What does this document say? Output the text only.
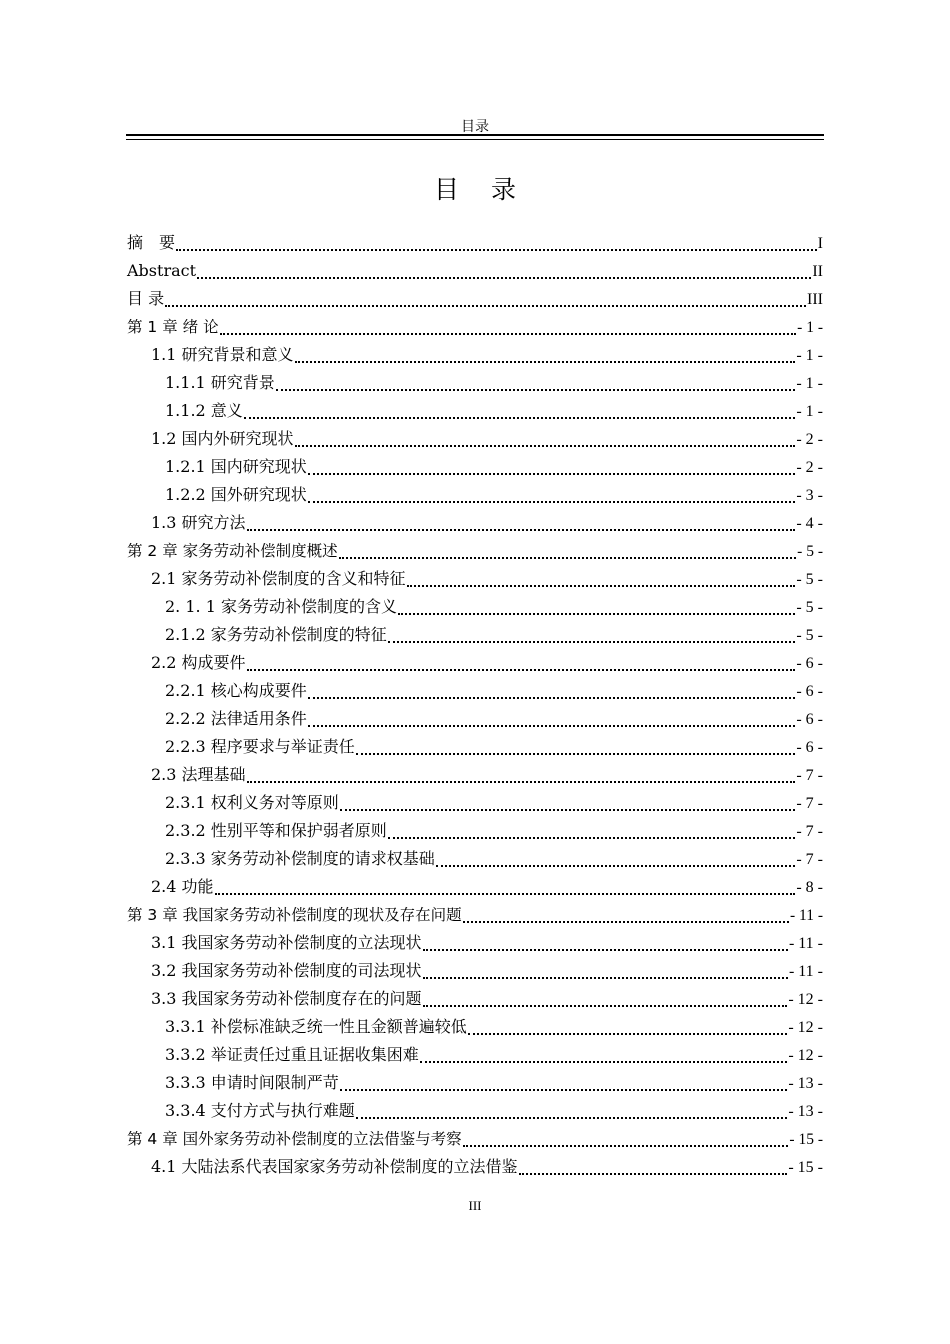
目录
目 录
摘　要	I
Abstract	II
目 录	III
第 1 章 绪 论	- 1 -
1.1 研究背景和意义	- 1 -
1.1.1 研究背景	- 1 -
1.1.2 意义	- 1 -
1.2 国内外研究现状	- 2 -
1.2.1 国内研究现状	- 2 -
1.2.2 国外研究现状	- 3 -
1.3 研究方法	- 4 -
第 2 章 家务劳动补偿制度概述	- 5 -
2.1 家务劳动补偿制度的含义和特征	- 5 -
2. 1. 1 家务劳动补偿制度的含义	- 5 -
2.1.2 家务劳动补偿制度的特征	- 5 -
2.2 构成要件	- 6 -
2.2.1 核心构成要件	- 6 -
2.2.2 法律适用条件	- 6 -
2.2.3 程序要求与举证责任	- 6 -
2.3 法理基础	- 7 -
2.3.1 权利义务对等原则	- 7 -
2.3.2 性别平等和保护弱者原则	- 7 -
2.3.3 家务劳动补偿制度的请求权基础	- 7 -
2.4 功能	- 8 -
第 3 章 我国家务劳动补偿制度的现状及存在问题	- 11 -
3.1 我国家务劳动补偿制度的立法现状	- 11 -
3.2 我国家务劳动补偿制度的司法现状	- 11 -
3.3 我国家务劳动补偿制度存在的问题	- 12 -
3.3.1 补偿标准缺乏统一性且金额普遍较低	- 12 -
3.3.2 举证责任过重且证据收集困难	- 12 -
3.3.3 申请时间限制严苛	- 13 -
3.3.4 支付方式与执行难题	- 13 -
第 4 章 国外家务劳动补偿制度的立法借鉴与考察	- 15 -
4.1 大陆法系代表国家家务劳动补偿制度的立法借鉴	- 15 -
III
